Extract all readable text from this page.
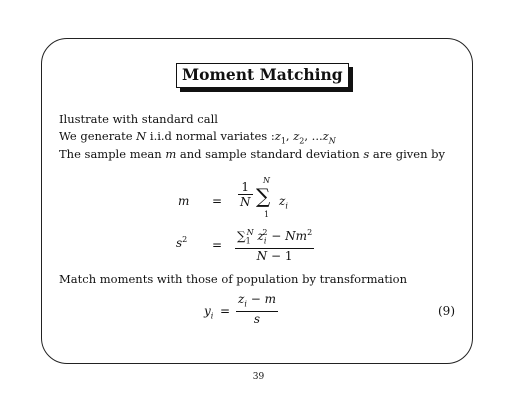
Moment Matching
Ilustrate with standard call
We generate N i.i.d normal variates $:z_1$, $z_2$, $...z_N$
The sample mean m and sample standard deviation s are given by
$m = \frac{1}{N}$ N
∑
1
$z_i$
$s^2 = \frac{\sum_1^N z_i^2 - Nm^2}{N - 1}$
Match moments with those of population by transformation
$y_i = \frac{z_i - m}{s}$	(9)
39
